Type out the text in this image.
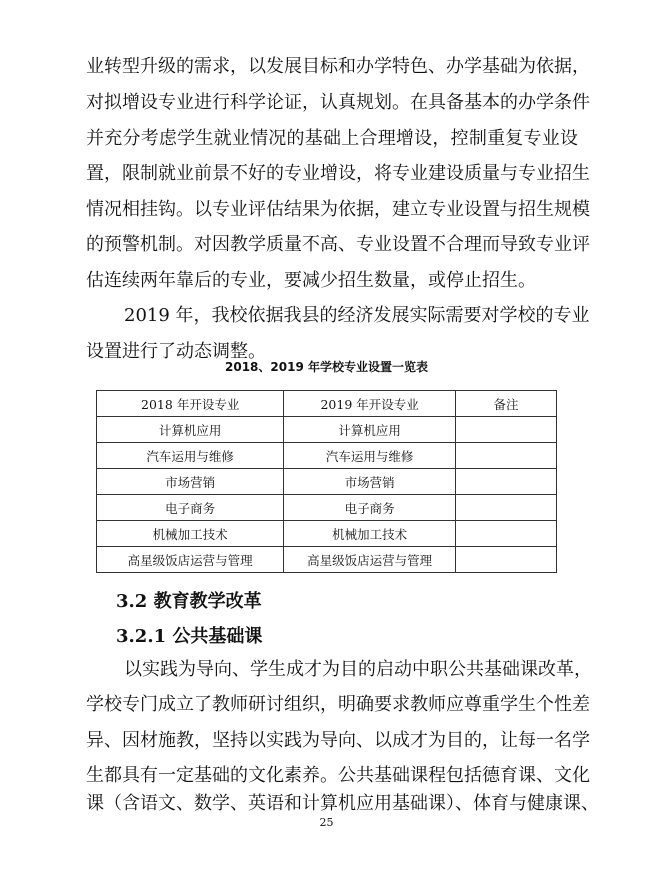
业转型升级的需求，以发展目标和办学特色、办学基础为依据，
对拟增设专业进行科学论证，认真规划。在具备基本的办学条件
并充分考虑学生就业情况的基础上合理增设，控制重复专业设
置，限制就业前景不好的专业增设，将专业建设质量与专业招生
情况相挂钩。以专业评估结果为依据，建立专业设置与招生规模
的预警机制。对因教学质量不高、专业设置不合理而导致专业评
估连续两年靠后的专业，要减少招生数量，或停止招生。
2019 年，我校依据我县的经济发展实际需要对学校的专业
设置进行了动态调整。
2018、2019 年学校专业设置一览表
2018 年开设专业	2019 年开设专业	备注
计算机应用	计算机应用	
汽车运用与维修	汽车运用与维修	
市场营销	市场营销	
电子商务	电子商务	
机械加工技术	机械加工技术	
高星级饭店运营与管理	高星级饭店运营与管理	
3.2 教育教学改革
3.2.1 公共基础课
以实践为导向、学生成才为目的启动中职公共基础课改革，
学校专门成立了教师研讨组织，明确要求教师应尊重学生个性差
异、因材施教，坚持以实践为导向、以成才为目的，让每一名学
生都具有一定基础的文化素养。公共基础课程包括德育课、文化
课（含语文、数学、英语和计算机应用基础课）、体育与健康课、
25
